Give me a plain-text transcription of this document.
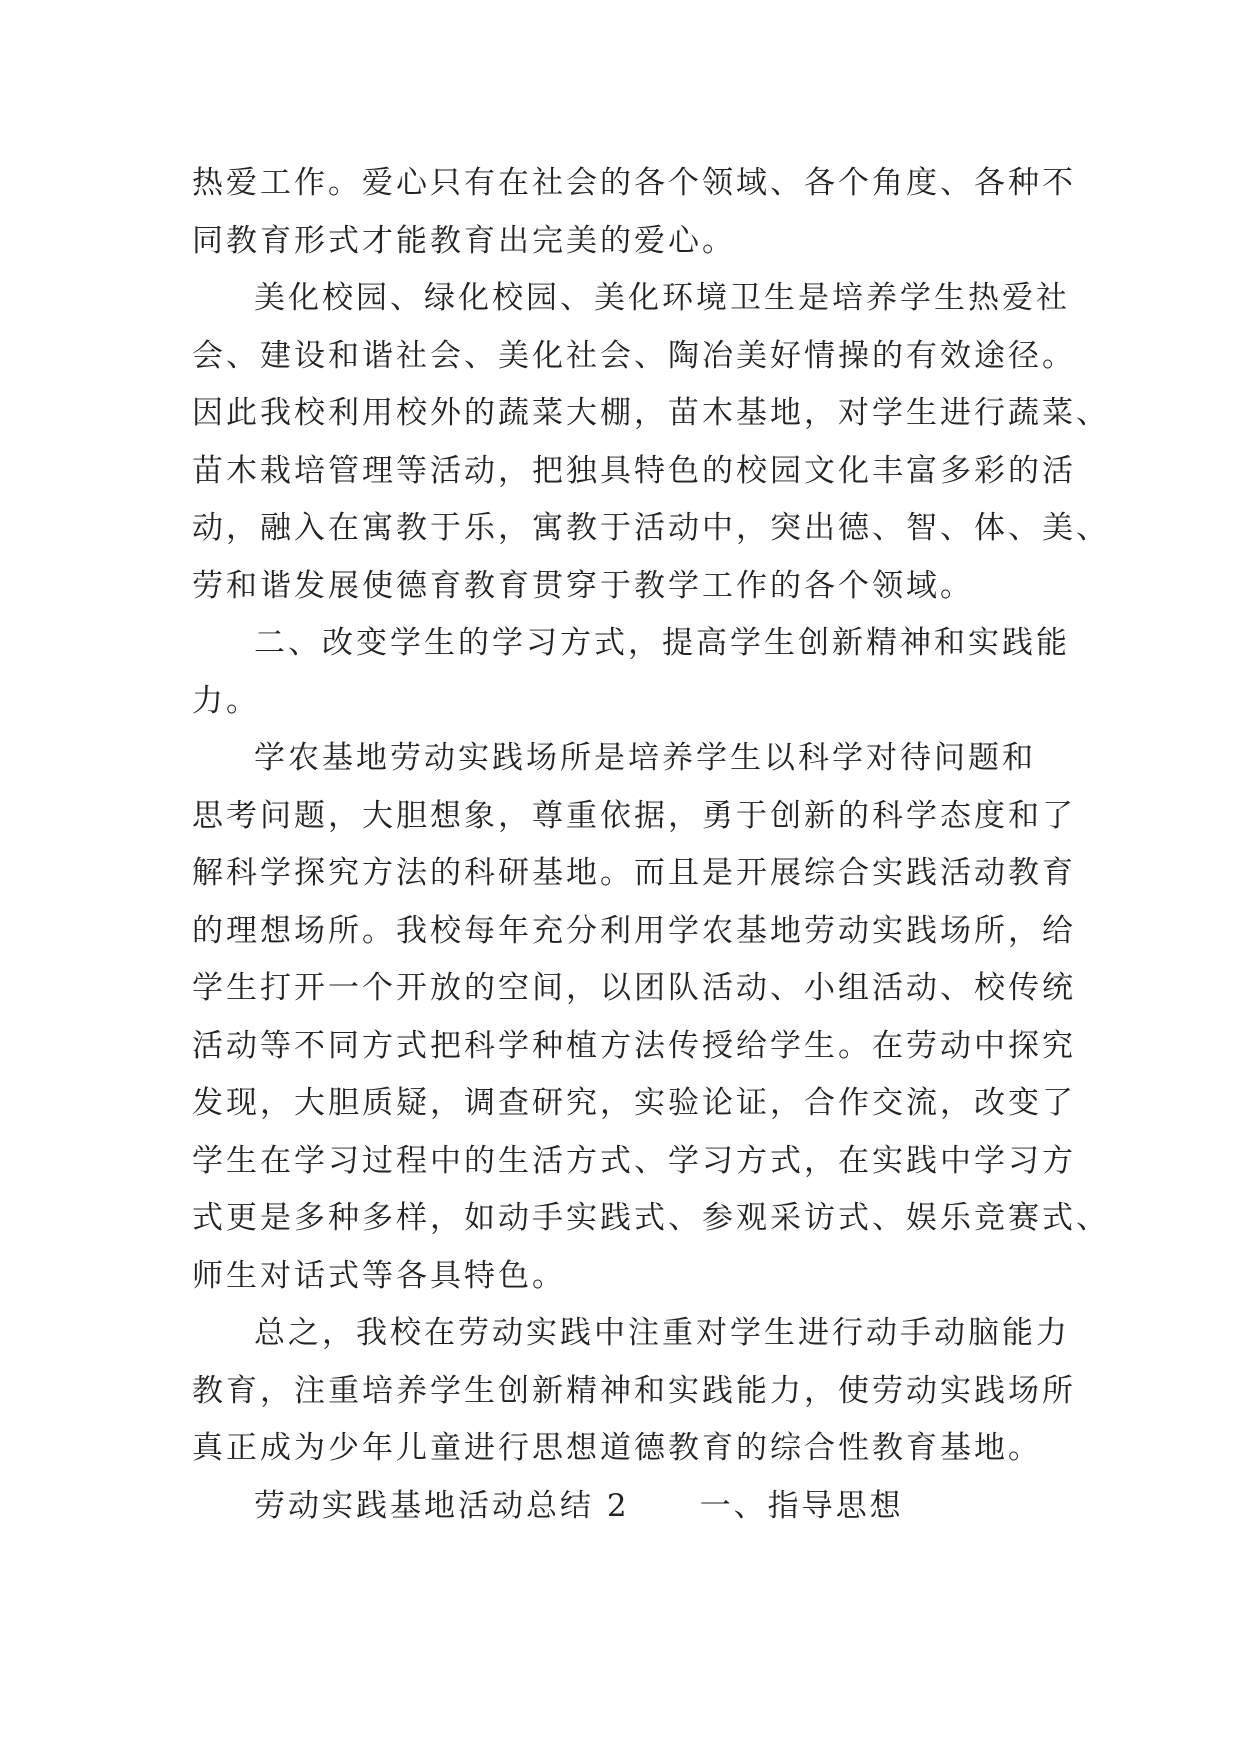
热爱工作。爱心只有在社会的各个领域、各个角度、各种不
同教育形式才能教育出完美的爱心。

美化校园、绿化校园、美化环境卫生是培养学生热爱社
会、建设和谐社会、美化社会、陶冶美好情操的有效途径。
因此我校利用校外的蔬菜大棚，苗木基地，对学生进行蔬菜、
苗木栽培管理等活动，把独具特色的校园文化丰富多彩的活
动，融入在寓教于乐，寓教于活动中，突出德、智、体、美、
劳和谐发展使德育教育贯穿于教学工作的各个领域。

二、改变学生的学习方式，提高学生创新精神和实践能
力。

学农基地劳动实践场所是培养学生以科学对待问题和
思考问题，大胆想象，尊重依据，勇于创新的科学态度和了
解科学探究方法的科研基地。而且是开展综合实践活动教育
的理想场所。我校每年充分利用学农基地劳动实践场所，给
学生打开一个开放的空间，以团队活动、小组活动、校传统
活动等不同方式把科学种植方法传授给学生。在劳动中探究
发现，大胆质疑，调查研究，实验论证，合作交流，改变了
学生在学习过程中的生活方式、学习方式，在实践中学习方
式更是多种多样，如动手实践式、参观采访式、娱乐竞赛式、
师生对话式等各具特色。

总之，我校在劳动实践中注重对学生进行动手动脑能力
教育，注重培养学生创新精神和实践能力，使劳动实践场所
真正成为少年儿童进行思想道德教育的综合性教育基地。

劳动实践基地活动总结 2 一、指导思想
